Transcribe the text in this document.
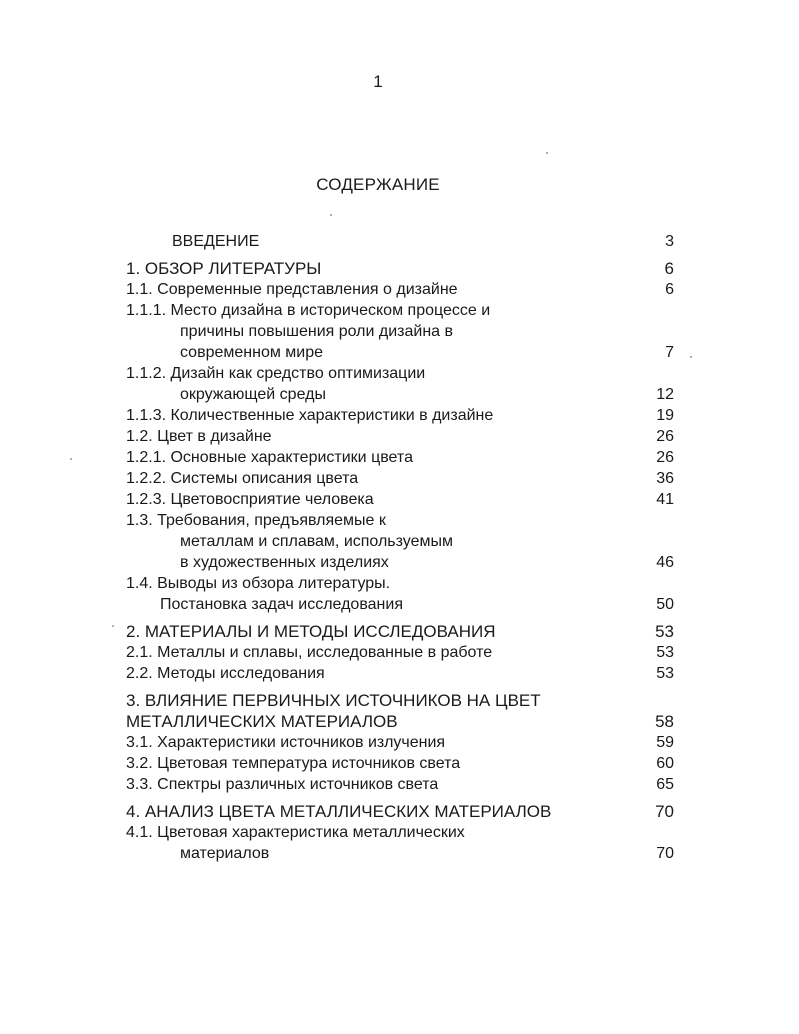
1
СОДЕРЖАНИЕ
ВВЕДЕНИЕ	3
1. ОБЗОР ЛИТЕРАТУРЫ	6
1.1. Современные представления о дизайне	6
1.1.1. Место дизайна в историческом процессе и
причины повышения роли дизайна в
современном мире	7
1.1.2. Дизайн как средство оптимизации
окружающей среды	12
1.1.3. Количественные характеристики в дизайне	19
1.2. Цвет в дизайне	26
1.2.1. Основные характеристики цвета	26
1.2.2. Системы описания цвета	36
1.2.3. Цветовосприятие человека	41
1.3. Требования, предъявляемые к
металлам и сплавам, используемым
в художественных изделиях	46
1.4. Выводы из обзора литературы.
Постановка задач исследования	50
2. МАТЕРИАЛЫ И МЕТОДЫ ИССЛЕДОВАНИЯ	53
2.1. Металлы и сплавы, исследованные в работе	53
2.2. Методы исследования	53
3. ВЛИЯНИЕ ПЕРВИЧНЫХ ИСТОЧНИКОВ НА ЦВЕТ
МЕТАЛЛИЧЕСКИХ МАТЕРИАЛОВ	58
3.1. Характеристики источников излучения	59
3.2. Цветовая температура источников света	60
3.3. Спектры различных источников света	65
4. АНАЛИЗ ЦВЕТА МЕТАЛЛИЧЕСКИХ МАТЕРИАЛОВ	70
4.1. Цветовая характеристика металлических
материалов	70
